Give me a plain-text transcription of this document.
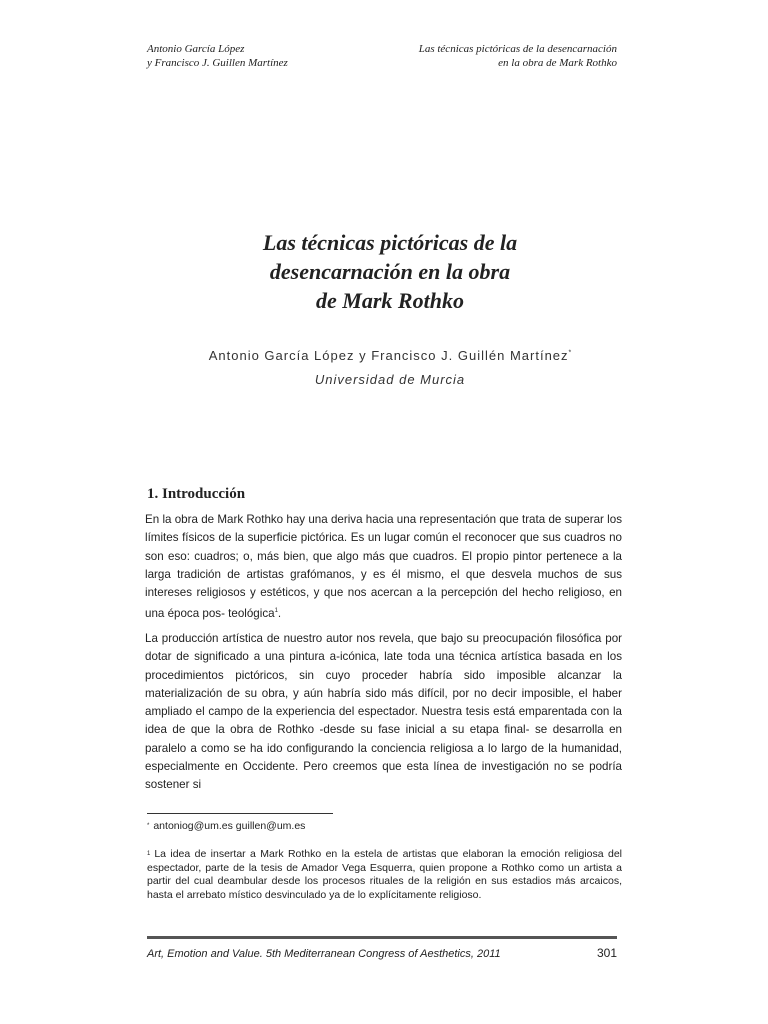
Antonio García López
y Francisco J. Guillen Martínez
Las técnicas pictóricas de la desencarnación
en la obra de Mark Rothko
Las técnicas pictóricas de la
desencarnación en la obra
de Mark Rothko
Antonio García López y Francisco J. Guillén Martínez*
Universidad de Murcia
1. Introducción

En la obra de Mark Rothko hay una deriva hacia una representación que trata de superar los límites físicos de la superficie pictórica. Es un lugar común el reconocer que sus cuadros no son eso: cuadros; o, más bien, que algo más que cuadros. El propio pintor pertenece a la larga tradición de artistas grafómanos, y es él mismo, el que desvela muchos de sus intereses religiosos y estéticos, y que nos acercan a la percepción del hecho religioso, en una época pos- teológica$^1$.

La producción artística de nuestro autor nos revela, que bajo su preocupación filosófica por dotar de significado a una pintura a-icónica, late toda una técnica artística basada en los procedimientos pictóricos, sin cuyo proceder habría sido imposible alcanzar la materialización de su obra, y aún habría sido más difícil, por no decir imposible, el haber ampliado el campo de la experiencia del espectador. Nuestra tesis está emparentada con la idea de que la obra de Rothko -desde su fase inicial a su etapa final- se desarrolla en paralelo a como se ha ido configurando la conciencia religiosa a lo largo de la humanidad, especialmente en Occidente. Pero creemos que esta línea de investigación no se podría sostener si

* antoniog@um.es guillen@um.es

$^1$ La idea de insertar a Mark Rothko en la estela de artistas que elaboran la emoción religiosa del espectador, parte de la tesis de Amador Vega Esquerra, quien propone a Rothko como un artista a partir del cual deambular desde los procesos rituales de la religión en sus estadios más arcaicos, hasta el arrebato místico desvinculado ya de lo explícitamente religioso.

Art, Emotion and Value. 5th Mediterranean Congress of Aesthetics, 2011	301
